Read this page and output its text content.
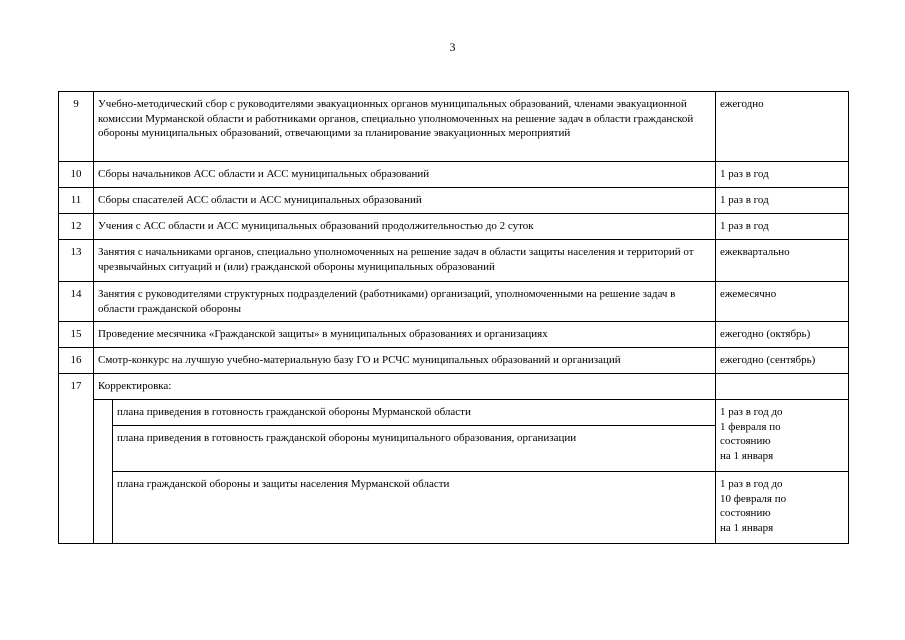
3
9	Учебно-методический сбор с руководителями эвакуационных органов муниципальных образований, членами эвакуационной комиссии Мурманской области и работниками органов, специально уполномоченных на решение задач в области гражданской обороны муниципальных образований, отвечающими за планирование эвакуационных мероприятий		ежегодно
10	Сборы начальников АСС области и АСС муниципальных образований		1 раз в год
11	Сборы спасателей АСС области и АСС муниципальных образований		1 раз в год
12	Учения с АСС области и АСС муниципальных образований продолжительностью до 2 суток		1 раз в год
13	Занятия с начальниками органов, специально уполномоченных на решение задач в области защиты населения и территорий от чрезвычайных ситуаций и (или) гражданской обороны муниципальных образований		ежеквартально
14	Занятия с руководителями структурных подразделений (работниками) организаций, уполномоченными на решение задач в области гражданской обороны		ежемесячно
15	Проведение месячника «Гражданской защиты» в муниципальных образованиях и организациях		ежегодно (октябрь)
16	Смотр-конкурс на лучшую учебно-материальную базу ГО и РСЧС муниципальных образований и организаций		ежегодно (сентябрь)
17	Корректировка:		
		плана приведения в готовность гражданской обороны Мурманской области	1 раз в год до
1 февраля по
состоянию
на 1 января
		плана приведения в готовность гражданской обороны муниципального образования, организации	
		плана гражданской обороны и защиты населения Мурманской области	1 раз в год до
10 февраля по
состоянию
на 1 января
